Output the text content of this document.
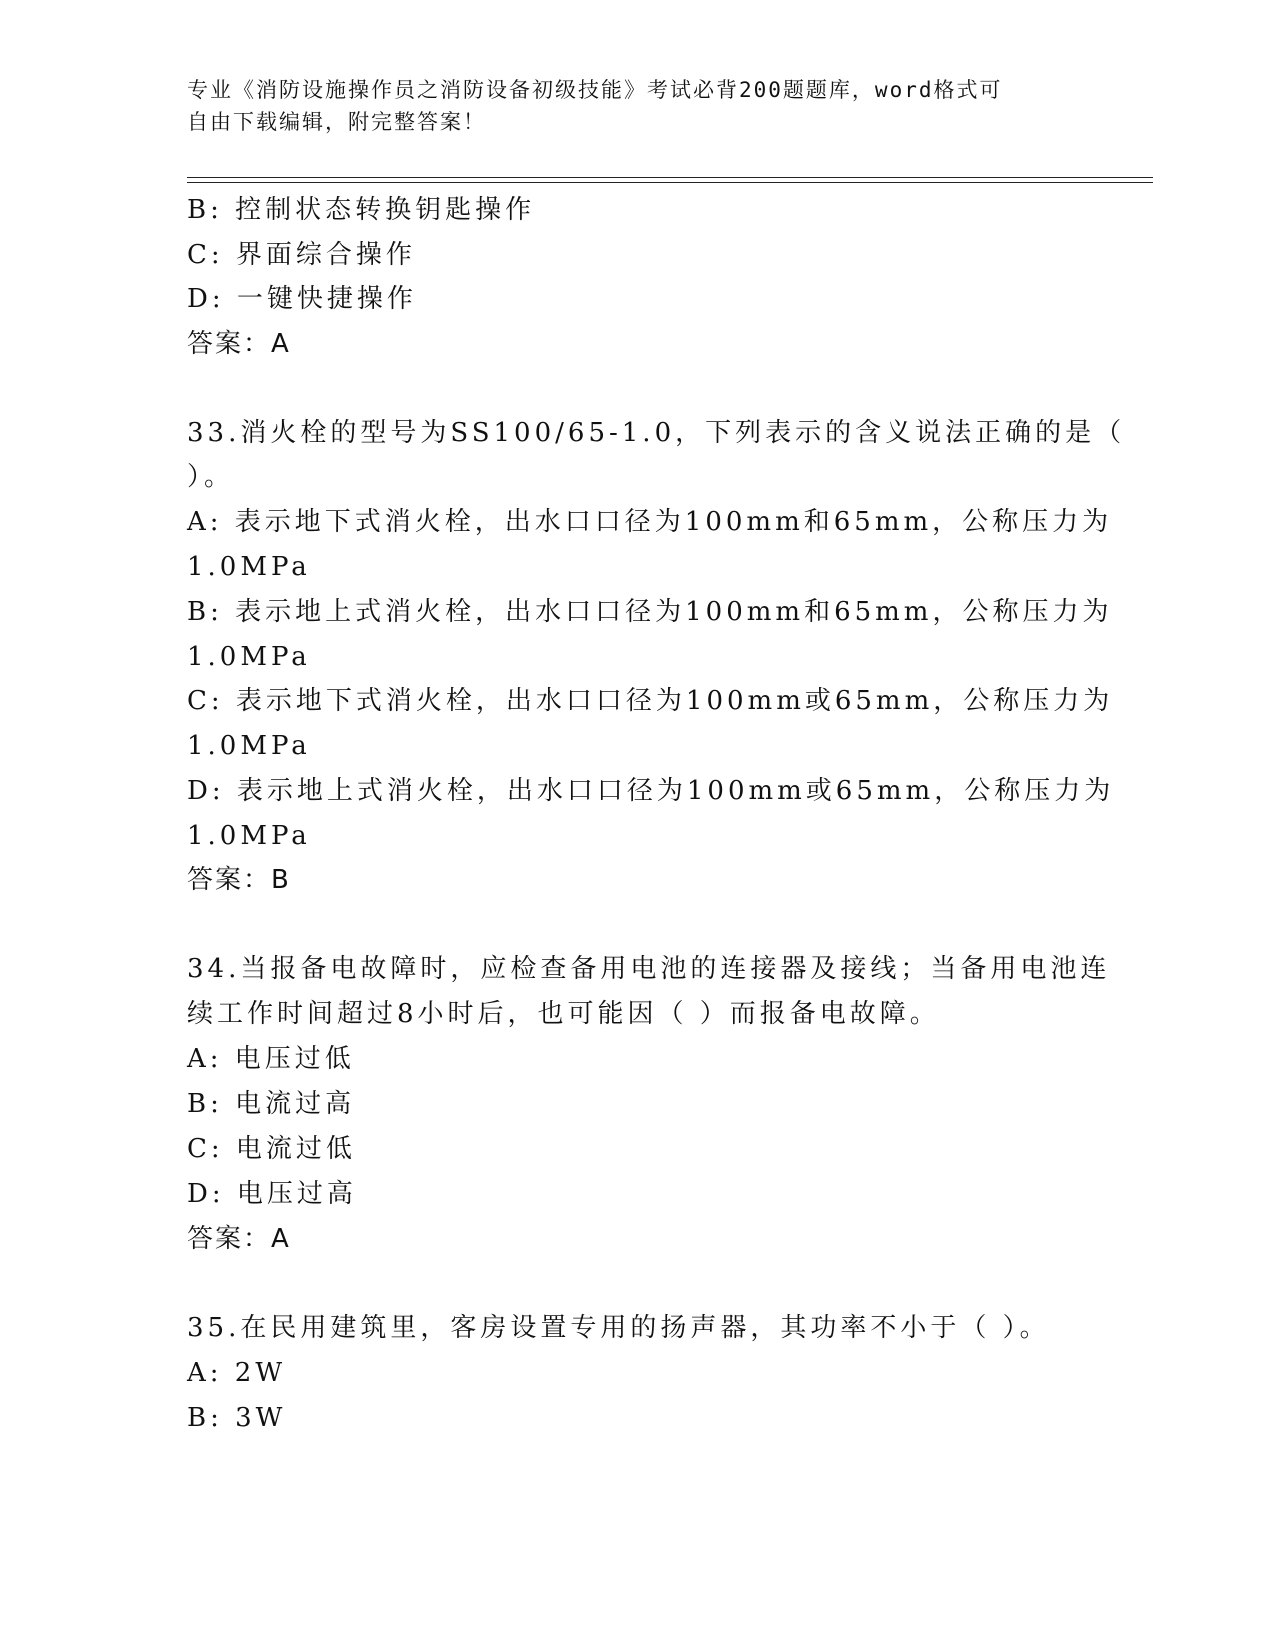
专业《消防设施操作员之消防设备初级技能》考试必背200题题库，word格式可
自由下载编辑，附完整答案！
B: 控制状态转换钥匙操作
C: 界面综合操作
D: 一键快捷操作
答案：A
33.消火栓的型号为SS100/65-1.0，下列表示的含义说法正确的是（
）。
A: 表示地下式消火栓，出水口口径为100mm和65mm，公称压力为
1.0MPa
B: 表示地上式消火栓，出水口口径为100mm和65mm，公称压力为
1.0MPa
C: 表示地下式消火栓，出水口口径为100mm或65mm，公称压力为
1.0MPa
D: 表示地上式消火栓，出水口口径为100mm或65mm，公称压力为
1.0MPa
答案：B
34.当报备电故障时，应检查备用电池的连接器及接线；当备用电池连
续工作时间超过8小时后，也可能因（ ）而报备电故障。
A: 电压过低
B: 电流过高
C: 电流过低
D: 电压过高
答案：A
35.在民用建筑里，客房设置专用的扬声器，其功率不小于（ ）。
A: 2W
B: 3W
